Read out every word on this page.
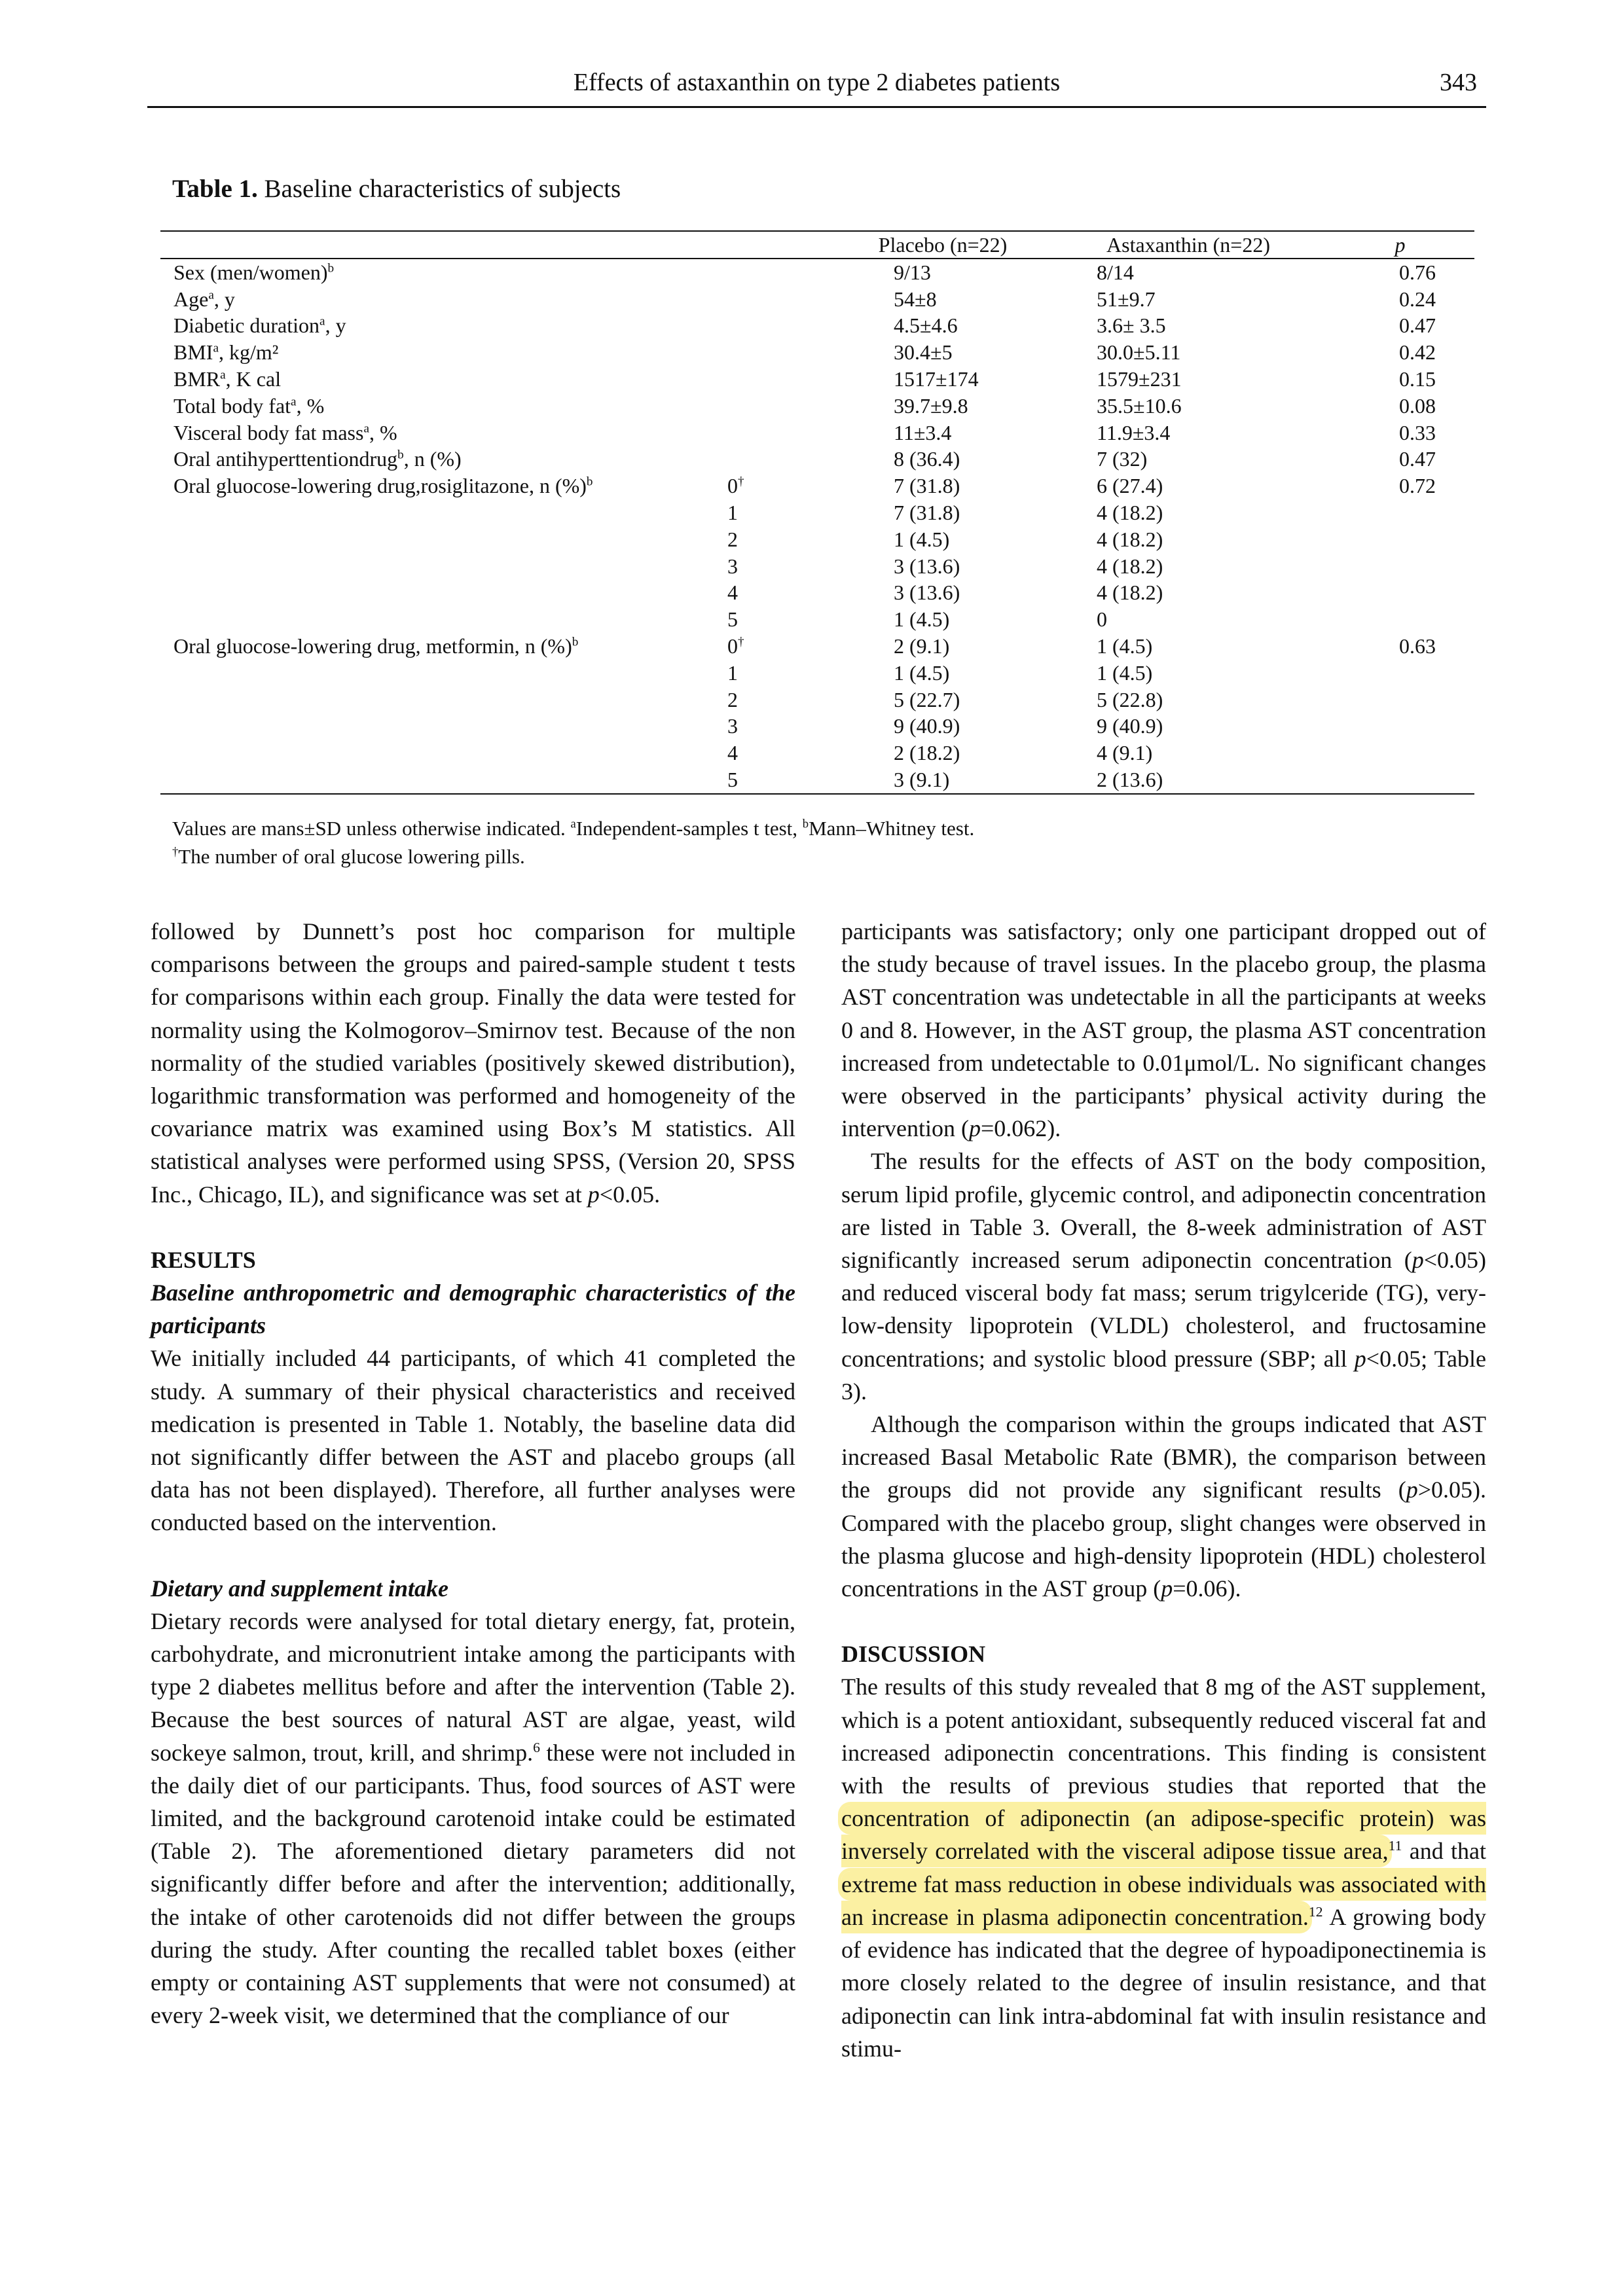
Effects of astaxanthin on type 2 diabetes patients	343
Table 1. Baseline characteristics of subjects
		Placebo (n=22)	Astaxanthin (n=22)	p
Sex (men/women)$^b$		9/13	8/14	0.76
Age$^a$, y		54±8	51±9.7	0.24
Diabetic duration$^a$, y		4.5±4.6	3.6± 3.5	0.47
BMI$^a$, kg/m²		30.4±5	30.0±5.11	0.42
BMR$^a$, K cal		1517±174	1579±231	0.15
Total body fat$^a$, %		39.7±9.8	35.5±10.6	0.08
Visceral body fat mass$^a$, %		11±3.4	11.9±3.4	0.33
Oral antihyperttentiondrug$^b$, n (%)		8 (36.4)	7 (32)	0.47
Oral gluocose-lowering drug,rosiglitazone, n (%)$^b$	0†	7 (31.8)	6 (27.4)	0.72
	1	7 (31.8)	4 (18.2)	
	2	1 (4.5)	4 (18.2)	
	3	3 (13.6)	4 (18.2)	
	4	3 (13.6)	4 (18.2)	
	5	1 (4.5)	0	
Oral gluocose-lowering drug, metformin, n (%)$^b$	0†	2 (9.1)	1 (4.5)	0.63
	1	1 (4.5)	1 (4.5)	
	2	5 (22.7)	5 (22.8)	
	3	9 (40.9)	9 (40.9)	
	4	2 (18.2)	4 (9.1)	
	5	3 (9.1)	2 (13.6)	
Values are mans±SD unless otherwise indicated. $^a$Independent-samples t test, $^b$Mann–Whitney test.
†The number of oral glucose lowering pills.

followed by Dunnett’s post hoc comparison for multiple comparisons between the groups and paired-sample student t tests for comparisons within each group. Finally the data were tested for normality using the Kolmogorov–Smirnov test. Because of the non normality of the studied variables (positively skewed distribution), logarithmic transformation was performed and homogeneity of the covariance matrix was examined using Box’s M statistics. All statistical analyses were performed using SPSS, (Version 20, SPSS Inc., Chicago, IL), and significance was set at p<0.05.

RESULTS
Baseline anthropometric and demographic characteristics of the participants

We initially included 44 participants, of which 41 completed the study. A summary of their physical characteristics and received medication is presented in Table 1. Notably, the baseline data did not significantly differ between the AST and placebo groups (all data has not been displayed). Therefore, all further analyses were conducted based on the intervention.

Dietary and supplement intake

Dietary records were analysed for total dietary energy, fat, protein, carbohydrate, and micronutrient intake among the participants with type 2 diabetes mellitus before and after the intervention (Table 2). Because the best sources of natural AST are algae, yeast, wild sockeye salmon, trout, krill, and shrimp.$^6$ these were not included in the daily diet of our participants. Thus, food sources of AST were limited, and the background carotenoid intake could be estimated (Table 2). The aforementioned dietary parameters did not significantly differ before and after the intervention; additionally, the intake of other carotenoids did not differ between the groups during the study. After counting the recalled tablet boxes (either empty or containing AST supplements that were not consumed) at every 2-week visit, we determined that the compliance of our

participants was satisfactory; only one participant dropped out of the study because of travel issues. In the placebo group, the plasma AST concentration was undetectable in all the participants at weeks 0 and 8. However, in the AST group, the plasma AST concentration increased from undetectable to 0.01μmol/L. No significant changes were observed in the participants’ physical activity during the intervention (p=0.062).

The results for the effects of AST on the body composition, serum lipid profile, glycemic control, and adiponectin concentration are listed in Table 3. Overall, the 8-week administration of AST significantly increased serum adiponectin concentration (p<0.05) and reduced visceral body fat mass; serum trigylceride (TG), very-low-density lipoprotein (VLDL) cholesterol, and fructosamine concentrations; and systolic blood pressure (SBP; all p<0.05; Table 3).

Although the comparison within the groups indicated that AST increased Basal Metabolic Rate (BMR), the comparison between the groups did not provide any significant results (p>0.05). Compared with the placebo group, slight changes were observed in the plasma glucose and high-density lipoprotein (HDL) cholesterol concentrations in the AST group (p=0.06).

DISCUSSION

The results of this study revealed that 8 mg of the AST supplement, which is a potent antioxidant, subsequently reduced visceral fat and increased adiponectin concentrations. This finding is consistent with the results of previous studies that reported that the concentration of adiponectin (an adipose-specific protein) was inversely correlated with the visceral adipose tissue area,$^{11}$ and that extreme fat mass reduction in obese individuals was associated with an increase in plasma adiponectin concentration.$^{12}$ A growing body of evidence has indicated that the degree of hypoadiponectinemia is more closely related to the degree of insulin resistance, and that adiponectin can link intra-abdominal fat with insulin resistance and stimu-
